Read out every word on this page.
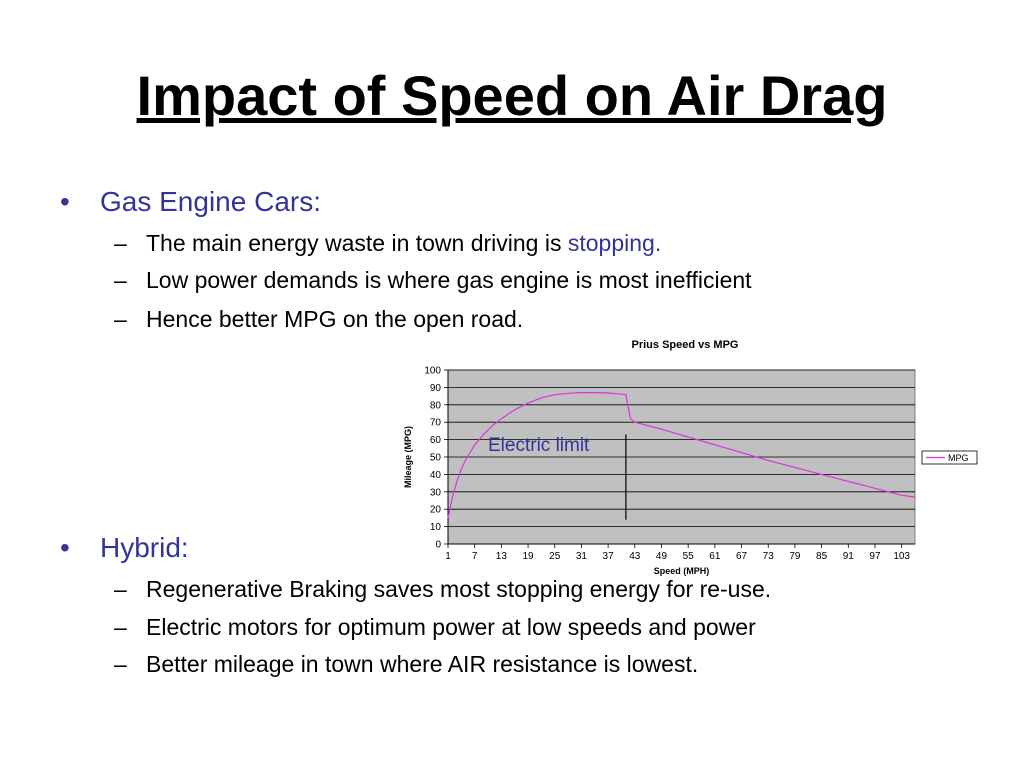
Impact of Speed on Air Drag
• Gas Engine Cars:
– The main energy waste in town driving is stopping.
– Low power demands is where gas engine is most inefficient
– Hence better MPG on the open road.
• Hybrid:
– Regenerative Braking saves most stopping energy for re-use.
– Electric motors for optimum power at low speeds and power
– Better mileage in town where AIR resistance is lowest.
0
10
20
30
40
50
60
70
80
90
100
1 7 13 19 25 31 37 43 49 55 61 67 73 79 85 91 97 103
Prius Speed vs MPG
Speed (MPH)
Mileage (MPG)	MPG
Electric limit
